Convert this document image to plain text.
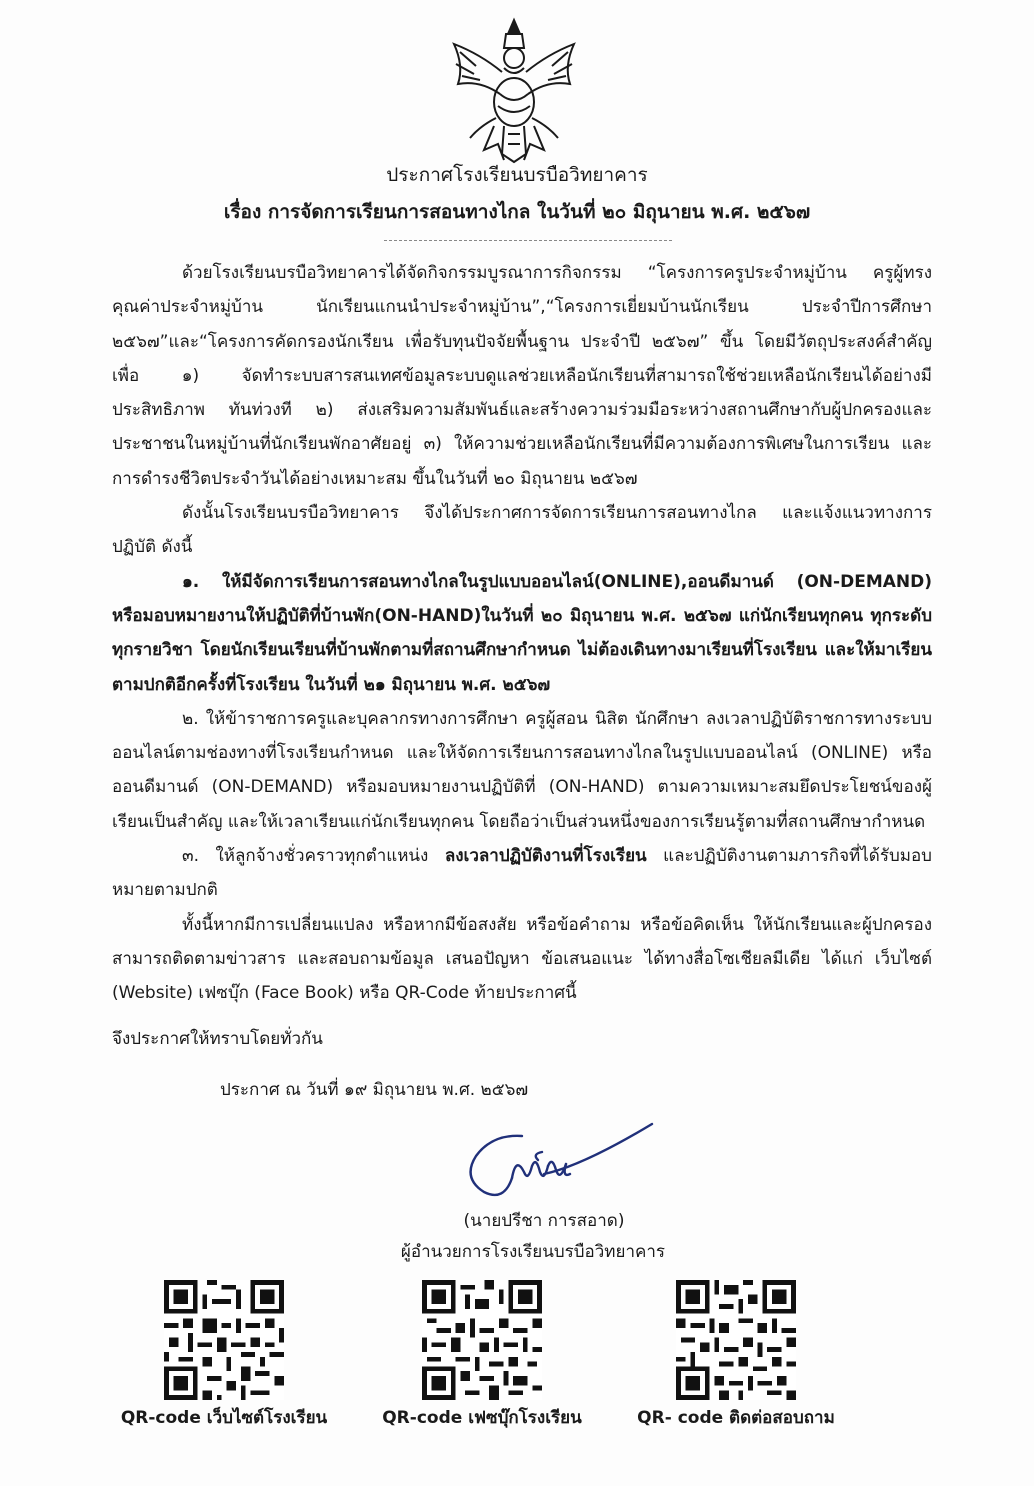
ประกาศโรงเรียนบรบือวิทยาคาร
เรื่อง การจัดการเรียนการสอนทางไกล ในวันที่ ๒๐ มิถุนายน พ.ศ. ๒๕๖๗

ด้วยโรงเรียนบรบือวิทยาคารได้จัดกิจกรรมบูรณาการกิจกรรม “โครงการครูประจำหมู่บ้าน ครูผู้ทรงคุณค่าประจำหมู่บ้าน นักเรียนแกนนำประจำหมู่บ้าน”,“โครงการเยี่ยมบ้านนักเรียน ประจำปีการศึกษา ๒๕๖๗”และ“โครงการคัดกรองนักเรียน เพื่อรับทุนปัจจัยพื้นฐาน ประจำปี ๒๕๖๗” ขึ้น โดยมีวัตถุประสงค์สำคัญ เพื่อ ๑) จัดทำระบบสารสนเทศข้อมูลระบบดูแลช่วยเหลือนักเรียนที่สามารถใช้ช่วยเหลือนักเรียนได้อย่างมีประสิทธิภาพ ทันท่วงที ๒) ส่งเสริมความสัมพันธ์และสร้างความร่วมมือระหว่างสถานศึกษากับผู้ปกครองและประชาชนในหมู่บ้านที่นักเรียนพักอาศัยอยู่ ๓) ให้ความช่วยเหลือนักเรียนที่มีความต้องการพิเศษในการเรียน และการดำรงชีวิตประจำวันได้อย่างเหมาะสม ขึ้นในวันที่ ๒๐ มิถุนายน ๒๕๖๗

ดังนั้นโรงเรียนบรบือวิทยาคาร จึงได้ประกาศการจัดการเรียนการสอนทางไกล และแจ้งแนวทางการปฏิบัติ ดังนี้

๑. ให้มีจัดการเรียนการสอนทางไกลในรูปแบบออนไลน์(ONLINE),ออนดีมานด์ (ON-DEMAND) หรือมอบหมายงานให้ปฏิบัติที่บ้านพัก(ON-HAND)ในวันที่ ๒๐ มิถุนายน พ.ศ. ๒๕๖๗ แก่นักเรียนทุกคน ทุกระดับ ทุกรายวิชา โดยนักเรียนเรียนที่บ้านพักตามที่สถานศึกษากำหนด ไม่ต้องเดินทางมาเรียนที่โรงเรียน และให้มาเรียนตามปกติอีกครั้งที่โรงเรียน ในวันที่ ๒๑ มิถุนายน พ.ศ. ๒๕๖๗

๒. ให้ข้าราชการครูและบุคลากรทางการศึกษา ครูผู้สอน นิสิต นักศึกษา ลงเวลาปฏิบัติราชการทางระบบออนไลน์ตามช่องทางที่โรงเรียนกำหนด และให้จัดการเรียนการสอนทางไกลในรูปแบบออนไลน์ (ONLINE) หรือออนดีมานด์ (ON-DEMAND) หรือมอบหมายงานปฏิบัติที่ (ON-HAND) ตามความเหมาะสมยึดประโยชน์ของผู้เรียนเป็นสำคัญ และให้เวลาเรียนแก่นักเรียนทุกคน โดยถือว่าเป็นส่วนหนึ่งของการเรียนรู้ตามที่สถานศึกษากำหนด

๓. ให้ลูกจ้างชั่วคราวทุกตำแหน่ง ลงเวลาปฏิบัติงานที่โรงเรียน และปฏิบัติงานตามภารกิจที่ได้รับมอบหมายตามปกติ

ทั้งนี้หากมีการเปลี่ยนแปลง หรือหากมีข้อสงสัย หรือข้อคำถาม หรือข้อคิดเห็น ให้นักเรียนและผู้ปกครอง สามารถติดตามข่าวสาร และสอบถามข้อมูล เสนอปัญหา ข้อเสนอแนะ ได้ทางสื่อโซเชียลมีเดีย ได้แก่ เว็บไซต์ (Website) เฟซบุ๊ก (Face Book) หรือ QR-Code ท้ายประกาศนี้

จึงประกาศให้ทราบโดยทั่วกัน
ประกาศ ณ วันที่ ๑๙ มิถุนายน พ.ศ. ๒๕๖๗
(นายปรีชา การสอาด)
ผู้อำนวยการโรงเรียนบรบือวิทยาคาร
QR-code เว็บไซต์โรงเรียน	QR-code เฟซบุ๊กโรงเรียน	QR- code ติดต่อสอบถาม
